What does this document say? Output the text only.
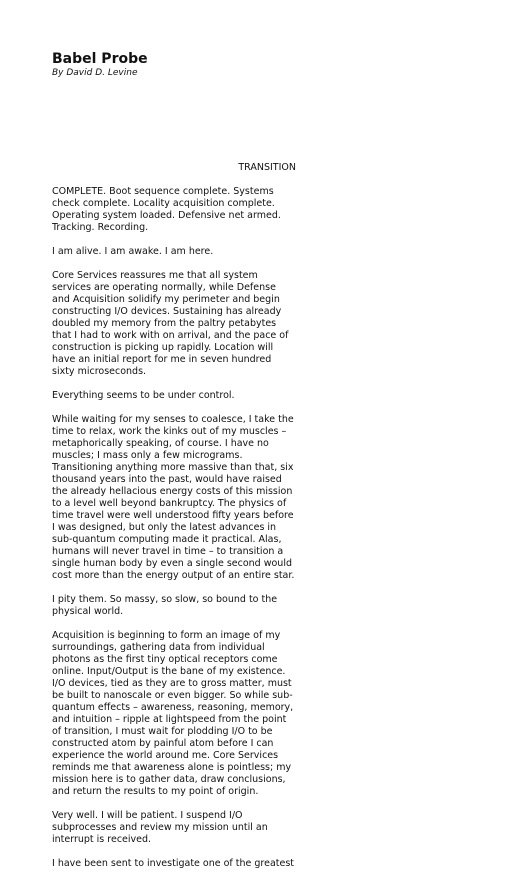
Babel Probe
By David D. Levine

TRANSITION

COMPLETE. Boot sequence complete. Systems check complete. Locality acquisition complete. Operating system loaded. Defensive net armed. Tracking. Recording.

I am alive. I am awake. I am here.

Core Services reassures me that all system services are operating normally, while Defense and Acquisition solidify my perimeter and begin constructing I/O devices. Sustaining has already doubled my memory from the paltry petabytes that I had to work with on arrival, and the pace of construction is picking up rapidly. Location will have an initial report for me in seven hundred sixty microseconds.

Everything seems to be under control.

While waiting for my senses to coalesce, I take the time to relax, work the kinks out of my muscles – metaphorically speaking, of course. I have no muscles; I mass only a few micrograms. Transitioning anything more massive than that, six thousand years into the past, would have raised the already hellacious energy costs of this mission to a level well beyond bankruptcy. The physics of time travel were well understood fifty years before I was designed, but only the latest advances in sub-quantum computing made it practical. Alas, humans will never travel in time – to transition a single human body by even a single second would cost more than the energy output of an entire star.

I pity them. So massy, so slow, so bound to the physical world.

Acquisition is beginning to form an image of my surroundings, gathering data from individual photons as the first tiny optical receptors come online. Input/Output is the bane of my existence. I/O devices, tied as they are to gross matter, must be built to nanoscale or even bigger. So while sub-quantum effects – awareness, reasoning, memory, and intuition – ripple at lightspeed from the point of transition, I must wait for plodding I/O to be constructed atom by painful atom before I can experience the world around me. Core Services reminds me that awareness alone is pointless; my mission here is to gather data, draw conclusions, and return the results to my point of origin.

Very well. I will be patient. I suspend I/O subprocesses and review my mission until an interrupt is received.

I have been sent to investigate one of the greatest
